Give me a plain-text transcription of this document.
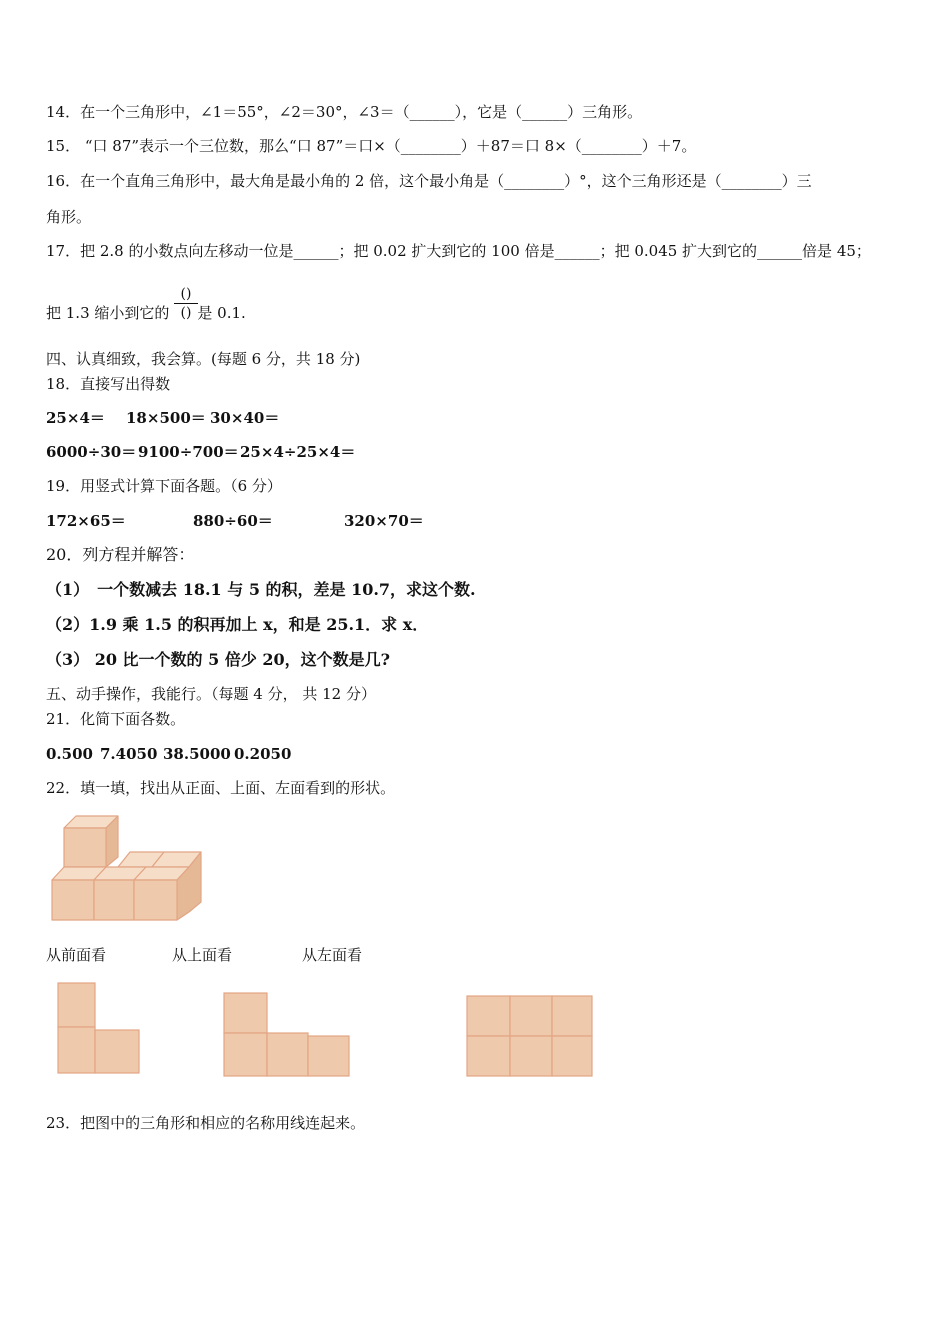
14．在一个三角形中，∠1＝55°，∠2＝30°，∠3＝（______），它是（______）三角形。
15． “口 87”表示一个三位数，那么“口 87”＝口×（________）＋87＝口 8×（________）＋7。
16．在一个直角三角形中，最大角是最小角的 2 倍，这个最小角是（________）°，这个三角形还是（________）三
角形。
17．把 2.8 的小数点向左移动一位是______；把 0.02 扩大到它的 100 倍是______；把 0.045 扩大到它的______倍是 45；
把 1.3 缩小到它的 是 0.1.
()
()
四、认真细致，我会算。(每题 6 分，共 18 分)
18．直接写出得数
25×4＝ 18×500＝ 30×40＝
6000÷30＝ 9100÷700＝ 25×4÷25×4＝
19．用竖式计算下面各题。（6 分）
172×65＝	880÷60＝	320×70＝
20．列方程并解答：
（1）　一个数减去 18.1 与 5 的积，差是 10.7，求这个数.
（2）1.9 乘 1.5 的积再加上 x，和是 25.1．求 x．
（3） 20 比一个数的 5 倍少 20，这个数是几?
五、动手操作，我能行。（每题 4 分， 共 12 分）
21．化简下面各数。
0.500 7.4050 38.5000 0.2050
22．填一填，找出从正面、上面、左面看到的形状。
从前面看	从上面看	从左面看
23．把图中的三角形和相应的名称用线连起来。
